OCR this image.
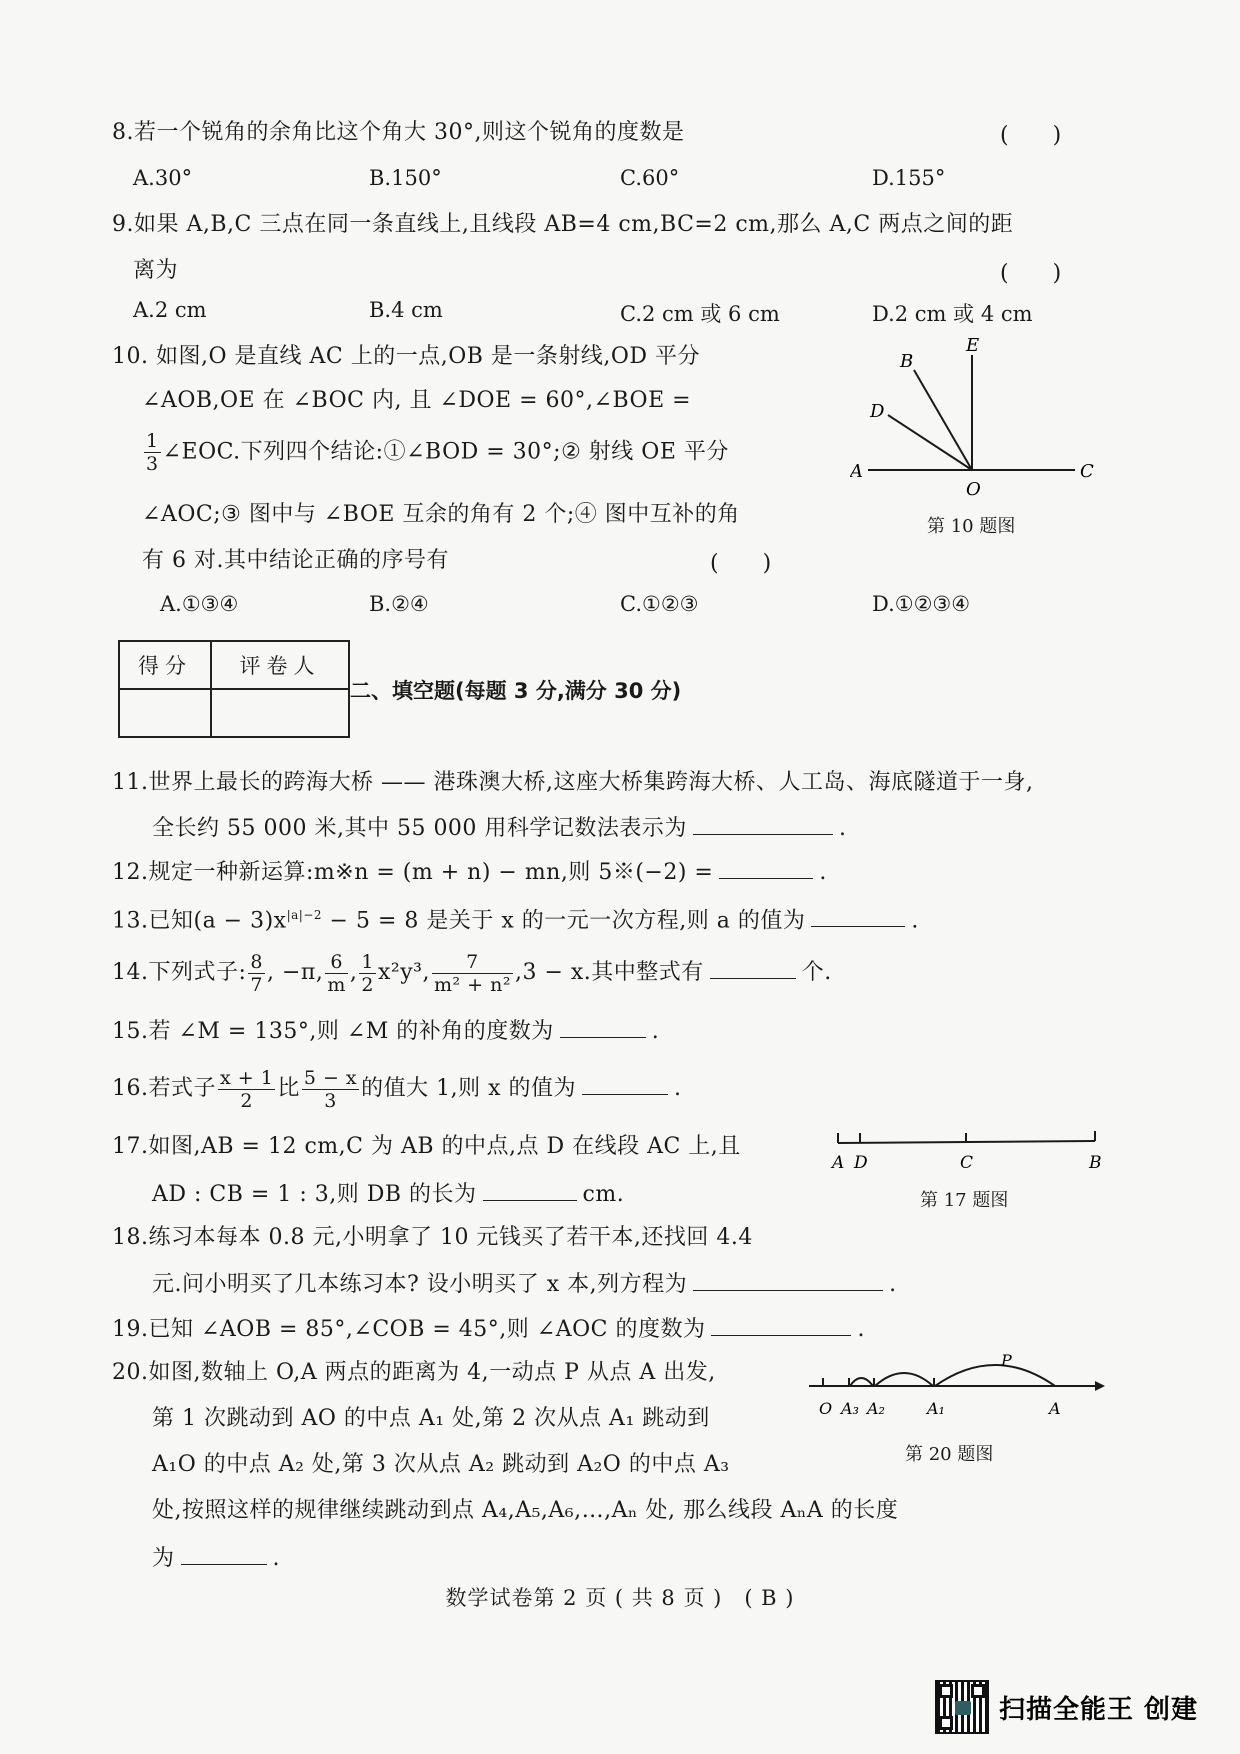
8.若一个锐角的余角比这个角大 30°,则这个锐角的度数是	(　　)
A.30°	B.150°	C.60°	D.155°
9.如果 A,B,C 三点在同一条直线上,且线段 AB=4 cm,BC=2 cm,那么 A,C 两点之间的距
离为	(　　)
A.2 cm	B.4 cm	C.2 cm 或 6 cm	D.2 cm 或 4 cm
10. 如图,O 是直线 AC 上的一点,OB 是一条射线,OD 平分
∠AOB,OE 在 ∠BOC 内, 且 ∠DOE = 60°,∠BOE =
$\frac{1}{3}$ ∠EOC.下列四个结论:①∠BOD = 30°;② 射线 OE 平分
∠AOC;③ 图中与 ∠BOE 互余的角有 2 个;④ 图中互补的角
有 6 对.其中结论正确的序号有	(　　)
A.①③④	B.②④	C.①②③	D.①②③④
A	C
E
B
D
O
第 10 题图
得分	评卷人

二、填空题(每题 3 分,满分 30 分)
11.世界上最长的跨海大桥 —— 港珠澳大桥,这座大桥集跨海大桥、人工岛、海底隧道于一身,
全长约 55 000 米,其中 55 000 用科学记数法表示为	.
12.规定一种新运算:m※n = (m + n) − mn,则 5※(−2) =	.
13.已知$(a - 3)x^{|a|-2} - 5 = 8$ 是关于 x 的一元一次方程,则 a 的值为	.
14.下列式子: $\frac{8}{7}$ , −π, $\frac{6}{m}$ , $\frac{1}{2} x^2y^3$, $\frac{7}{\text{m² + n²}} ,3 - x$.其中整式有	个.
15.若 ∠M = 135°,则 ∠M 的补角的度数为	.
16.若式子 $\frac{x + 1}{2}$ 比 $\frac{5 - x}{3}$ 的值大 1,则 x 的值为	.
17.如图,AB = 12 cm,C 为 AB 的中点,点 D 在线段 AC 上,且
AD : CB = 1 : 3,则 DB 的长为	cm.
A D	C	B
第 17 题图
18.练习本每本 0.8 元,小明拿了 10 元钱买了若干本,还找回 4.4
元.问小明买了几本练习本? 设小明买了 x 本,列方程为	.
19.已知 ∠AOB = 85°,∠COB = 45°,则 ∠AOC 的度数为	.
20.如图,数轴上 O,A 两点的距离为 4,一动点 P 从点 A 出发,
第 1 次跳动到 AO 的中点 A₁ 处,第 2 次从点 A₁ 跳动到
A₁O 的中点 A₂ 处,第 3 次从点 A₂ 跳动到 A₂O 的中点 A₃
处,按照这样的规律继续跳动到点 A₄,A₅,A₆,…,Aₙ 处, 那么线段 AₙA 的长度
为	.
O A₃ A₂	A₁	A
P
第 20 题图
数学试卷第 2 页 ( 共 8 页 )　( B )
扫描全能王 创建
